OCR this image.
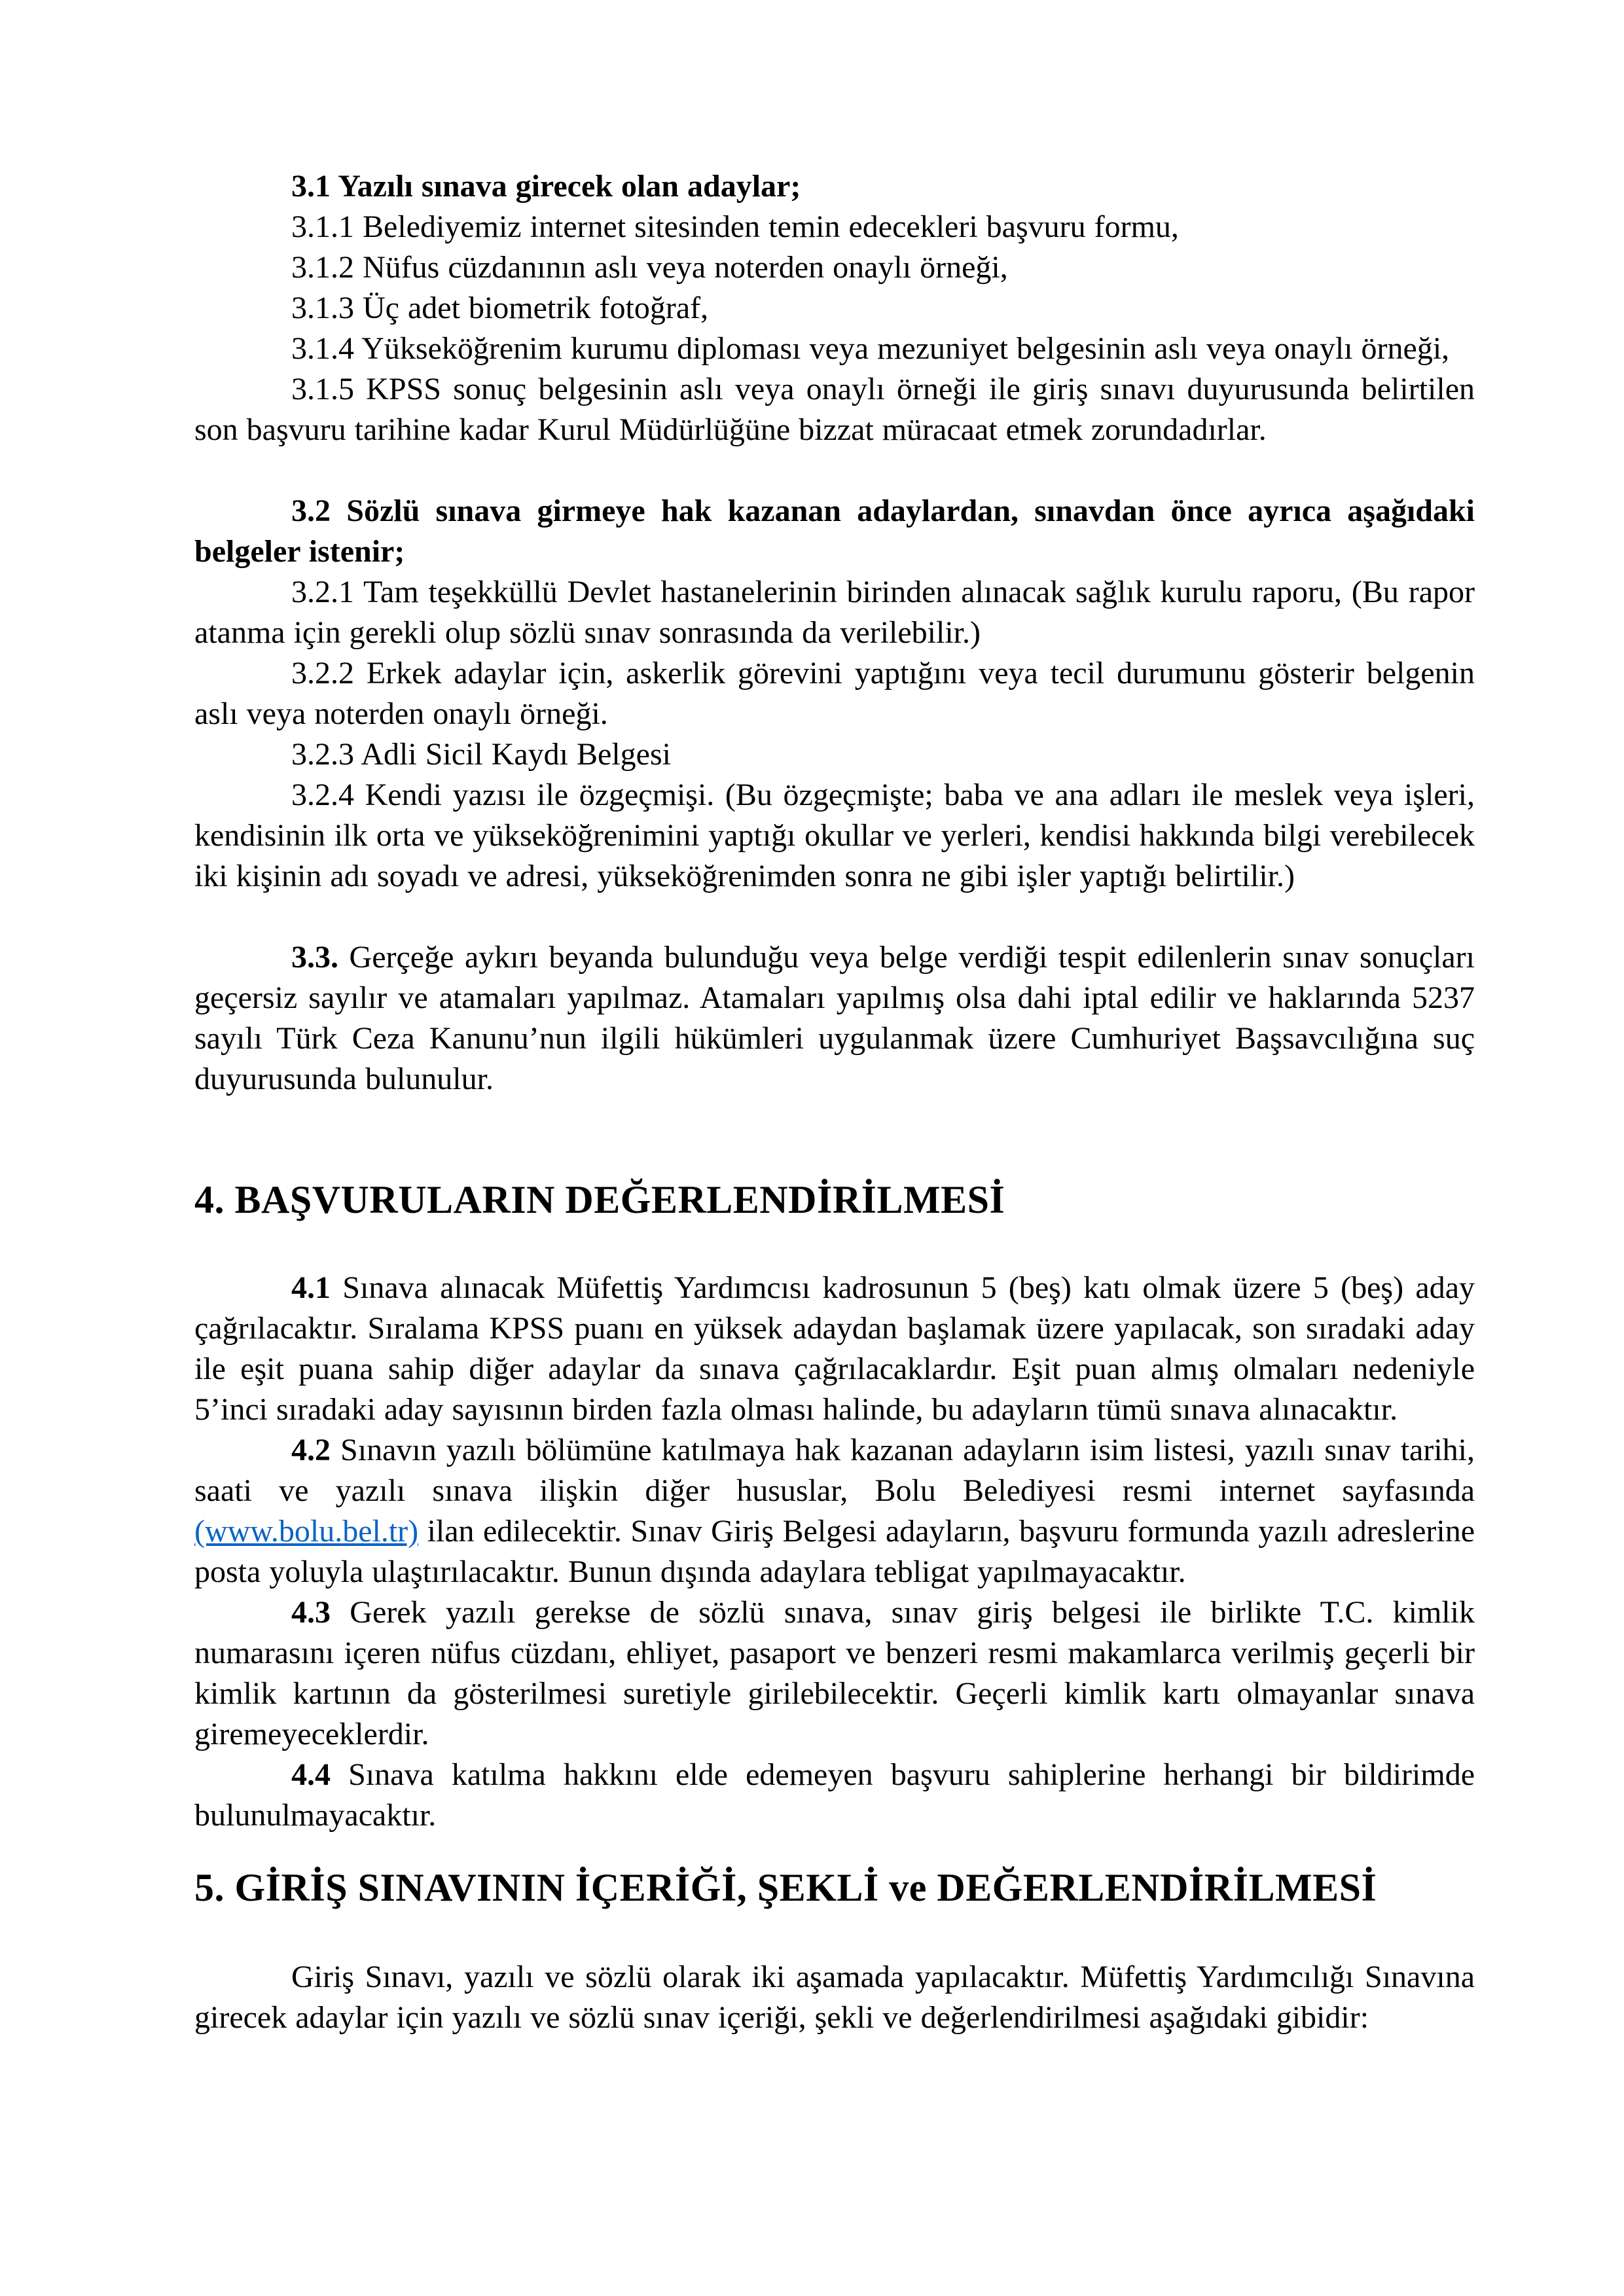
3.1 Yazılı sınava girecek olan adaylar;

3.1.1 Belediyemiz internet sitesinden temin edecekleri başvuru formu,

3.1.2 Nüfus cüzdanının aslı veya noterden onaylı örneği,

3.1.3 Üç adet biometrik fotoğraf,

3.1.4 Yükseköğrenim kurumu diploması veya mezuniyet belgesinin aslı veya onaylı örneği,

3.1.5 KPSS sonuç belgesinin aslı veya onaylı örneği ile giriş sınavı duyurusunda belirtilen son başvuru tarihine kadar Kurul Müdürlüğüne bizzat müracaat etmek zorundadırlar.

3.2 Sözlü sınava girmeye hak kazanan adaylardan, sınavdan önce ayrıca aşağıdaki belgeler istenir;

3.2.1 Tam teşekküllü Devlet hastanelerinin birinden alınacak sağlık kurulu raporu, (Bu rapor atanma için gerekli olup sözlü sınav sonrasında da verilebilir.)

3.2.2 Erkek adaylar için, askerlik görevini yaptığını veya tecil durumunu gösterir belgenin aslı veya noterden onaylı örneği.

3.2.3 Adli Sicil Kaydı Belgesi

3.2.4 Kendi yazısı ile özgeçmişi. (Bu özgeçmişte; baba ve ana adları ile meslek veya işleri, kendisinin ilk orta ve yükseköğrenimini yaptığı okullar ve yerleri, kendisi hakkında bilgi verebilecek iki kişinin adı soyadı ve adresi, yükseköğrenimden sonra ne gibi işler yaptığı belirtilir.)

3.3. Gerçeğe aykırı beyanda bulunduğu veya belge verdiği tespit edilenlerin sınav sonuçları geçersiz sayılır ve atamaları yapılmaz. Atamaları yapılmış olsa dahi iptal edilir ve haklarında 5237 sayılı Türk Ceza Kanunu’nun ilgili hükümleri uygulanmak üzere Cumhuriyet Başsavcılığına suç duyurusunda bulunulur.

4. BAŞVURULARIN DEĞERLENDİRİLMESİ

4.1 Sınava alınacak Müfettiş Yardımcısı kadrosunun 5 (beş) katı olmak üzere 5 (beş) aday çağrılacaktır. Sıralama KPSS puanı en yüksek adaydan başlamak üzere yapılacak, son sıradaki aday ile eşit puana sahip diğer adaylar da sınava çağrılacaklardır. Eşit puan almış olmaları nedeniyle 5’inci sıradaki aday sayısının birden fazla olması halinde, bu adayların tümü sınava alınacaktır.

4.2 Sınavın yazılı bölümüne katılmaya hak kazanan adayların isim listesi, yazılı sınav tarihi, saati ve yazılı sınava ilişkin diğer hususlar, Bolu Belediyesi resmi internet sayfasında (www.bolu.bel.tr) ilan edilecektir. Sınav Giriş Belgesi adayların, başvuru formunda yazılı adreslerine posta yoluyla ulaştırılacaktır. Bunun dışında adaylara tebligat yapılmayacaktır.

4.3 Gerek yazılı gerekse de sözlü sınava, sınav giriş belgesi ile birlikte T.C. kimlik numarasını içeren nüfus cüzdanı, ehliyet, pasaport ve benzeri resmi makamlarca verilmiş geçerli bir kimlik kartının da gösterilmesi suretiyle girilebilecektir. Geçerli kimlik kartı olmayanlar sınava giremeyeceklerdir.

4.4 Sınava katılma hakkını elde edemeyen başvuru sahiplerine herhangi bir bildirimde bulunulmayacaktır.

5. GİRİŞ SINAVININ İÇERİĞİ, ŞEKLİ ve DEĞERLENDİRİLMESİ

Giriş Sınavı, yazılı ve sözlü olarak iki aşamada yapılacaktır. Müfettiş Yardımcılığı Sınavına girecek adaylar için yazılı ve sözlü sınav içeriği, şekli ve değerlendirilmesi aşağıdaki gibidir:
